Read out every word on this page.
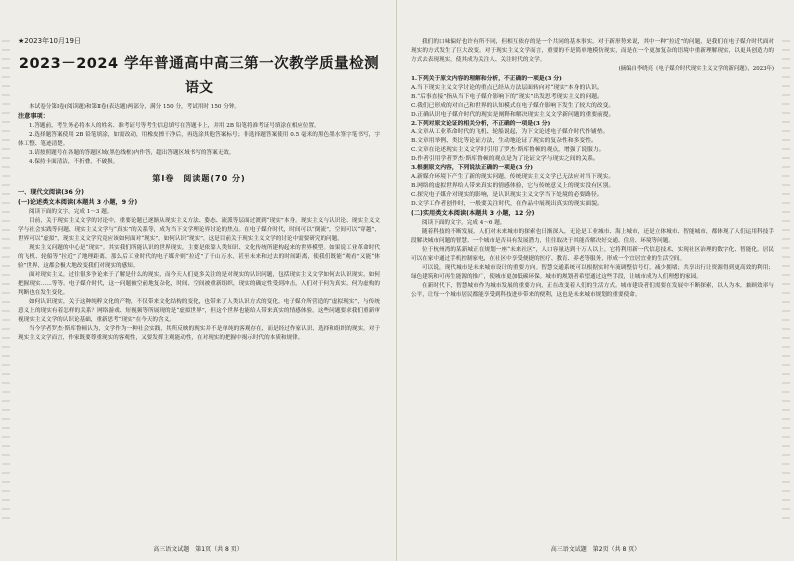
★2023年10月19日
2023－2024 学年普通高中高三第一次教学质量检测
语文

本试卷分第Ⅰ卷(阅读题)和第Ⅱ卷(表达题)两部分，满分 150 分，考试用时 150 分钟。

注意事项：

1.答题前，考生务必将本人的姓名、准考证号等考生信息填写在答题卡上，并用 2B 铅笔将准考证号填涂在相应位置。

2.选择题答案使用 2B 铅笔填涂，如需改动，用橡皮擦干净后，再选涂其他答案标号；非选择题答案使用 0.5 毫米的黑色墨水签字笔书写，字体工整、笔迹清楚。

3.请按照题号在各题的答题区域(黑色线框)内作答，超出答题区域书写的答案无效。

4.保持卡面清洁，不折叠，不破损。

第Ⅰ卷　阅读题(70 分)

一、现代文阅读(36 分)

(一)论述类文本阅读(本题共 3 小题，9 分)

阅读下面的文字，完成 1～3 题。

目前，关于现实主义文学的讨论中，重要论题已逐渐从现实主义方法、姿态、流派等层面过渡到“现实”本身。现实主义与认识论、现实主义文学与社会实践等问题，现实主义文学与“真实”的关系等，成为当下文学理论界讨论的焦点。在电子媒介时代，时间可以“倒流”，空间可以“穿越”，世界可以“虚拟”，现实主义文学究竟应该如何面对“现实”，如何认识“现实”，这是目前关于现实主义文学的讨论中需要研究的问题。

现实主义问题的中心是“现实”。其实我们所能认识的世界现实，主要是依靠人类知识、文化传统所建构起来的世界模型。如果说工业革命时代的飞机、轮船等“拉近”了地理距离，那么后工业时代的电子媒介则“拉近”了千山万水，甚至未来和过去的时间距离，使我们既能“观看”又能“体验”世界，这都会极大地改变我们对现实的感知。

面对现实主义，过往很多争论来于了解是什么的现实，而今天人们更多关注的是对现实的认识问题，包括现实主义文学如何去认识现实，如何把握现实……等等。电子媒介时代，这一问题被空前地复杂化，时间、空间被重新组织，现实的确定性受到冲击，人们对于何为真实、何为虚构的判断也在发生变化。

如何认识现实，关于这种纯粹文化的产物，不仅带来文化结构的变化，也带来了人类认识方式的变化。电子媒介所营造的“虚拟现实”，与传统意义上的现实有着怎样的关系？网络游戏、短视频等所展现的是“虚拟世界”，但这个世界也能给人带来真实的情感体验。这些问题要求我们重新审视现实主义文学的认识论基础，重新思考“现实”在今天的含义。

当今学者罗杰·斯库鲁顿认为，文学作为一种社会实践，其所反映的现实并不是单纯的客观存在，而是经过作家认识、选择和组织的现实。对于现实主义文学而言，作家既要尊重现实的客观性，又要发挥主观能动性，在对现实的把握中揭示时代的本质和规律。

高三语文试题　第1页（共 8 页）

我们的口味偏好也许有所不同，但相互依存的是一个共同的基本事实。对于新形势来说，其中一种“拉近”的问题，是我们在电子媒介时代面对现实的方式发生了巨大改变。对于现实主义文学而言，重要的不是简单地模仿现实，而是在一个更加复杂的语境中重新理解现实，以更具创造力的方式去表现现实，使其成为关注人、关注时代的文学。

(摘编自李晓亮《电子媒介时代现实主义文学的新问题》，2023年)

1.下列关于原文内容的理解和分析，不正确的一项是(3 分)

A.当下现实主义文学讨论的重点已经从方法层面转向对“现实”本身的认识。

B.“后事直接”指从当下电子媒介影响下的“现实”出发思考现实主义的问题。

C.我们已形成的对自己和世界的认知模式在电子媒介影响下发生了较大的改变。

D.正确认识电子媒介时代的现实是阐释和解决现实主义文学新问题的重要前提。

2.下列对原文论证的相关分析，不正确的一项是(3 分)

A.文章从工业革命时代的飞机、轮船说起，为下文论述电子媒介时代作铺垫。

B.文章用举例、类比等论证方法，生动地论证了现实的复杂性和多变性。

C.文章在论述现实主义文学时引用了罗杰·斯库鲁顿的观点，增强了说服力。

D.作者引用学者罗杰·斯库鲁顿的观点是为了论证文学与现实之间的关系。

3.根据原文内容，下列说法正确的一项是(3 分)

A.新媒介环境下产生了新的现实问题，传统现实主义文学已无法应对当下现实。

B.网络的虚拟世界给人带来真实的情感体验，它与传统意义上的现实没有区别。

C.探究电子媒介对现实的影响，是认识现实主义文学当下处境的必要路径。

D.文学工作者创作时，一般要关注时代，在作品中展现出真实的现实面貌。

(二)实用类文本阅读(本题共 3 小题，12 分)

阅读下面的文字，完成 4～6 题。

随着科技的不断发展，人们对未来城市的探索也日渐深入，无论是工业城市、海上城市，还是立体城市、智能城市，都体现了人们运用科技手段解决城市问题的智慧。一个城市是否具有发展潜力，往往取决于其能否解决好交通、住房、环境等问题。

位于杭州湾的某新城正在规划一座“未来社区”，人口容量达到十万人以上。它将利用新一代信息技术，实现社区治理的数字化、智能化。居民可以在家中通过手机控制家电，在社区中享受便捷的医疗、教育、养老等服务，形成一个宜居宜业的生活空间。

可以说，现代城市是未来城市设计的重要方向。智慧交通系统可以根据实时车流调整信号灯，减少拥堵；共享出行让资源得到更高效的利用；绿色建筑和可再生能源的推广，使城市更加低碳环保。城市的规划者希望通过这些手段，让城市成为人们理想的家园。

在新时代下，智慧城市作为城市发展的重要方向，正在改变着人们的生活方式。城市建设者们需要在发展中不断探索，以人为本，兼顾效率与公平，让每一个城市居民都能享受到科技进步带来的便利，这也是未来城市规划的重要使命。

高三语文试题　第2页（共 8 页）
